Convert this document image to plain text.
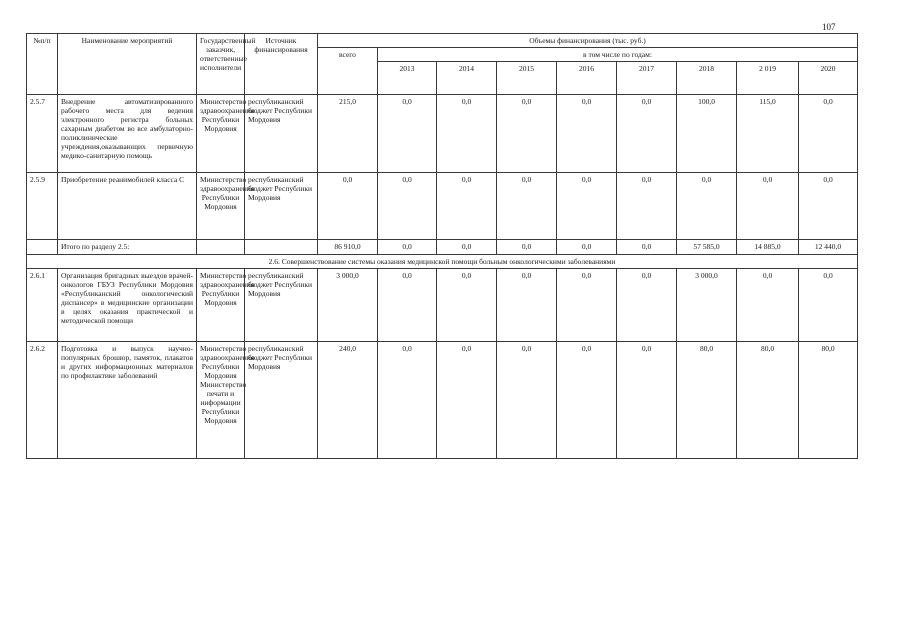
107
№п/п	Наименование мероприятий	Государственный заказчик, ответственные исполнители	Источник финансирования	Объемы финансирования (тыс. руб.)								
				всего	в том числе по годам:							
					2013	2014	2015	2016	2017	2018	2 019	2020
2.5.7	Внедрение автоматизированного рабочего места для ведения электронного регистра больных сахарным диабетом во все амбулаторно-поликлинические учреждения,оказывающих первичную медико-санитарную помощь	Министерство здравоохранения Республики Мордовия	республиканский бюджет Республики Мордовия	215,0	0,0	0,0	0,0	0,0	0,0	100,0	115,0	0,0
2.5.9	Приобретение реанимобилей класса С	Министерство здравоохранения Республики Мордовия	республиканский бюджет Республики Мордовия	0,0	0,0	0,0	0,0	0,0	0,0	0,0	0,0	0,0
	Итого по разделу 2.5:			86 910,0	0,0	0,0	0,0	0,0	0,0	57 585,0	14 885,0	12 440,0
2.6. Совершенствование системы оказания медицинской помощи больным онкологическими заболеваниями												
2.6.1	Организация бригадных выездов врачей-онкологов ГБУЗ Республики Мордовия «Республиканский онкологический диспансер» в медицинские организации в целях оказания практической и методической помощи	Министерство здравоохранения Республики Мордовия	республиканский бюджет Республики Мордовия	3 000,0	0,0	0,0	0,0	0,0	0,0	3 000,0	0,0	0,0
2.6.2	Подготовка и выпуск научно-популярных брошюр, памяток, плакатов и других информационных материалов по профилактике заболеваний	Министерство здравоохранения Республики Мордовия Министерство печати и информации Республики Мордовия	республиканский бюджет Республики Мордовия	240,0	0,0	0,0	0,0	0,0	0,0	80,0	80,0	80,0
